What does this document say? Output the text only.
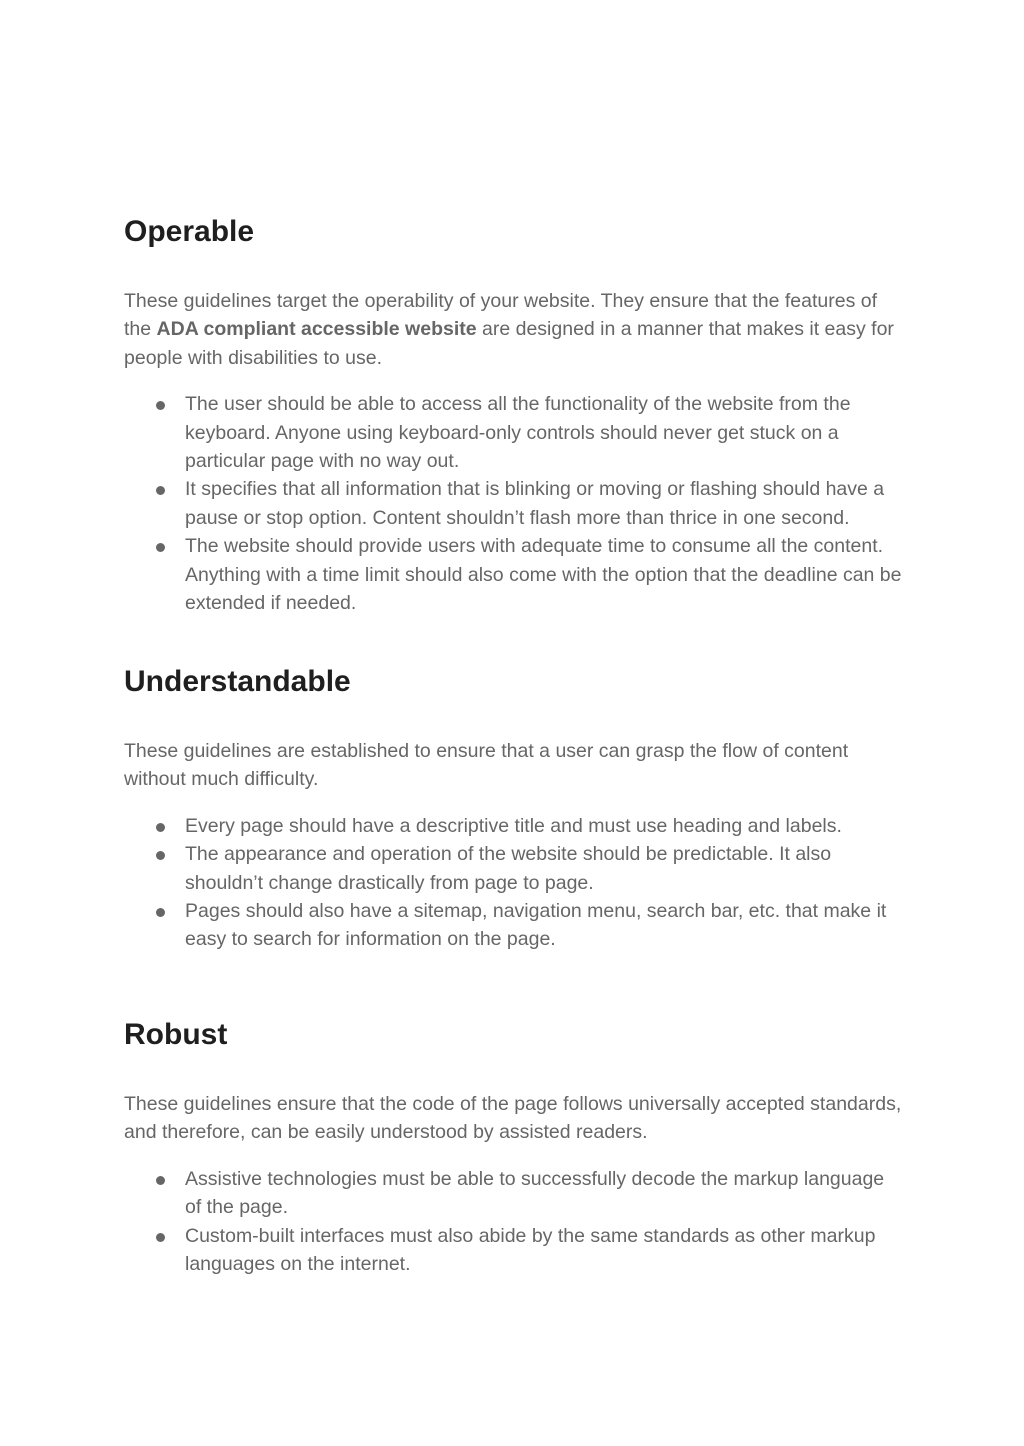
Operable

These guidelines target the operability of your website. They ensure that the features of the ADA compliant accessible website are designed in a manner that makes it easy for people with disabilities to use.

The user should be able to access all the functionality of the website from the keyboard. Anyone using keyboard-only controls should never get stuck on a particular page with no way out.
It specifies that all information that is blinking or moving or flashing should have a pause or stop option. Content shouldn’t flash more than thrice in one second.
The website should provide users with adequate time to consume all the content. Anything with a time limit should also come with the option that the deadline can be extended if needed.
Understandable

These guidelines are established to ensure that a user can grasp the flow of content without much difficulty.

Every page should have a descriptive title and must use heading and labels.
The appearance and operation of the website should be predictable. It also shouldn’t change drastically from page to page.
Pages should also have a sitemap, navigation menu, search bar, etc. that make it easy to search for information on the page.
Robust

These guidelines ensure that the code of the page follows universally accepted standards, and therefore, can be easily understood by assisted readers.

Assistive technologies must be able to successfully decode the markup language of the page.
Custom-built interfaces must also abide by the same standards as other markup languages on the internet.
